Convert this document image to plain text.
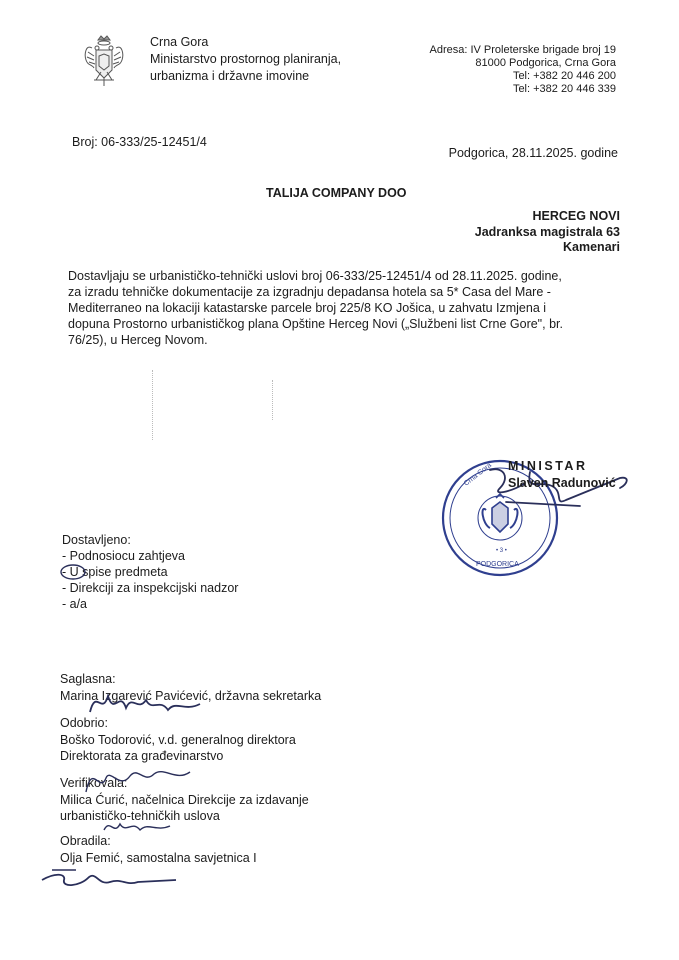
Crna Gora
Ministarstvo prostornog planiranja,
urbanizma i državne imovine
Adresa: IV Proleterske brigade broj 19
81000 Podgorica, Crna Gora
Tel: +382 20 446 200
Tel: +382 20 446 339
Broj: 06-333/25-12451/4
Podgorica, 28.11.2025. godine
TALIJA COMPANY DOO
HERCEG NOVI
Jadranksa magistrala 63
Kamenari

Dostavljaju se urbanističko-tehnički uslovi broj 06-333/25-12451/4 od 28.11.2025. godine,

za izradu tehničke dokumentacije za izgradnju depadansa hotela sa 5* Casa del Mare -

Mediterraneo na lokaciji katastarske parcele broj 225/8 KO Jošica, u zahvatu Izmjena i

dopuna Prostorno urbanističkog plana Opštine Herceg Novi („Službeni list Crne Gore", br.

76/25), u Herceg Novom.

Crna Gora
PODGORICA
• 3 •
MINISTAR
Slaven Radunović
Dostavljeno:
- Podnosiocu zahtjeva
- U spise predmeta
- Direkciji za inspekcijski nadzor
- a/a
Saglasna:
Marina Izgarević Pavićević, državna sekretarka
Odobrio:
Boško Todorović, v.d. generalnog direktora
Direktorata za građevinarstvo
Verifikovala:
Milica Ćurić, načelnica Direkcije za izdavanje
urbanističko-tehničkih uslova
Obradila:
Olja Femić, samostalna savjetnica I
